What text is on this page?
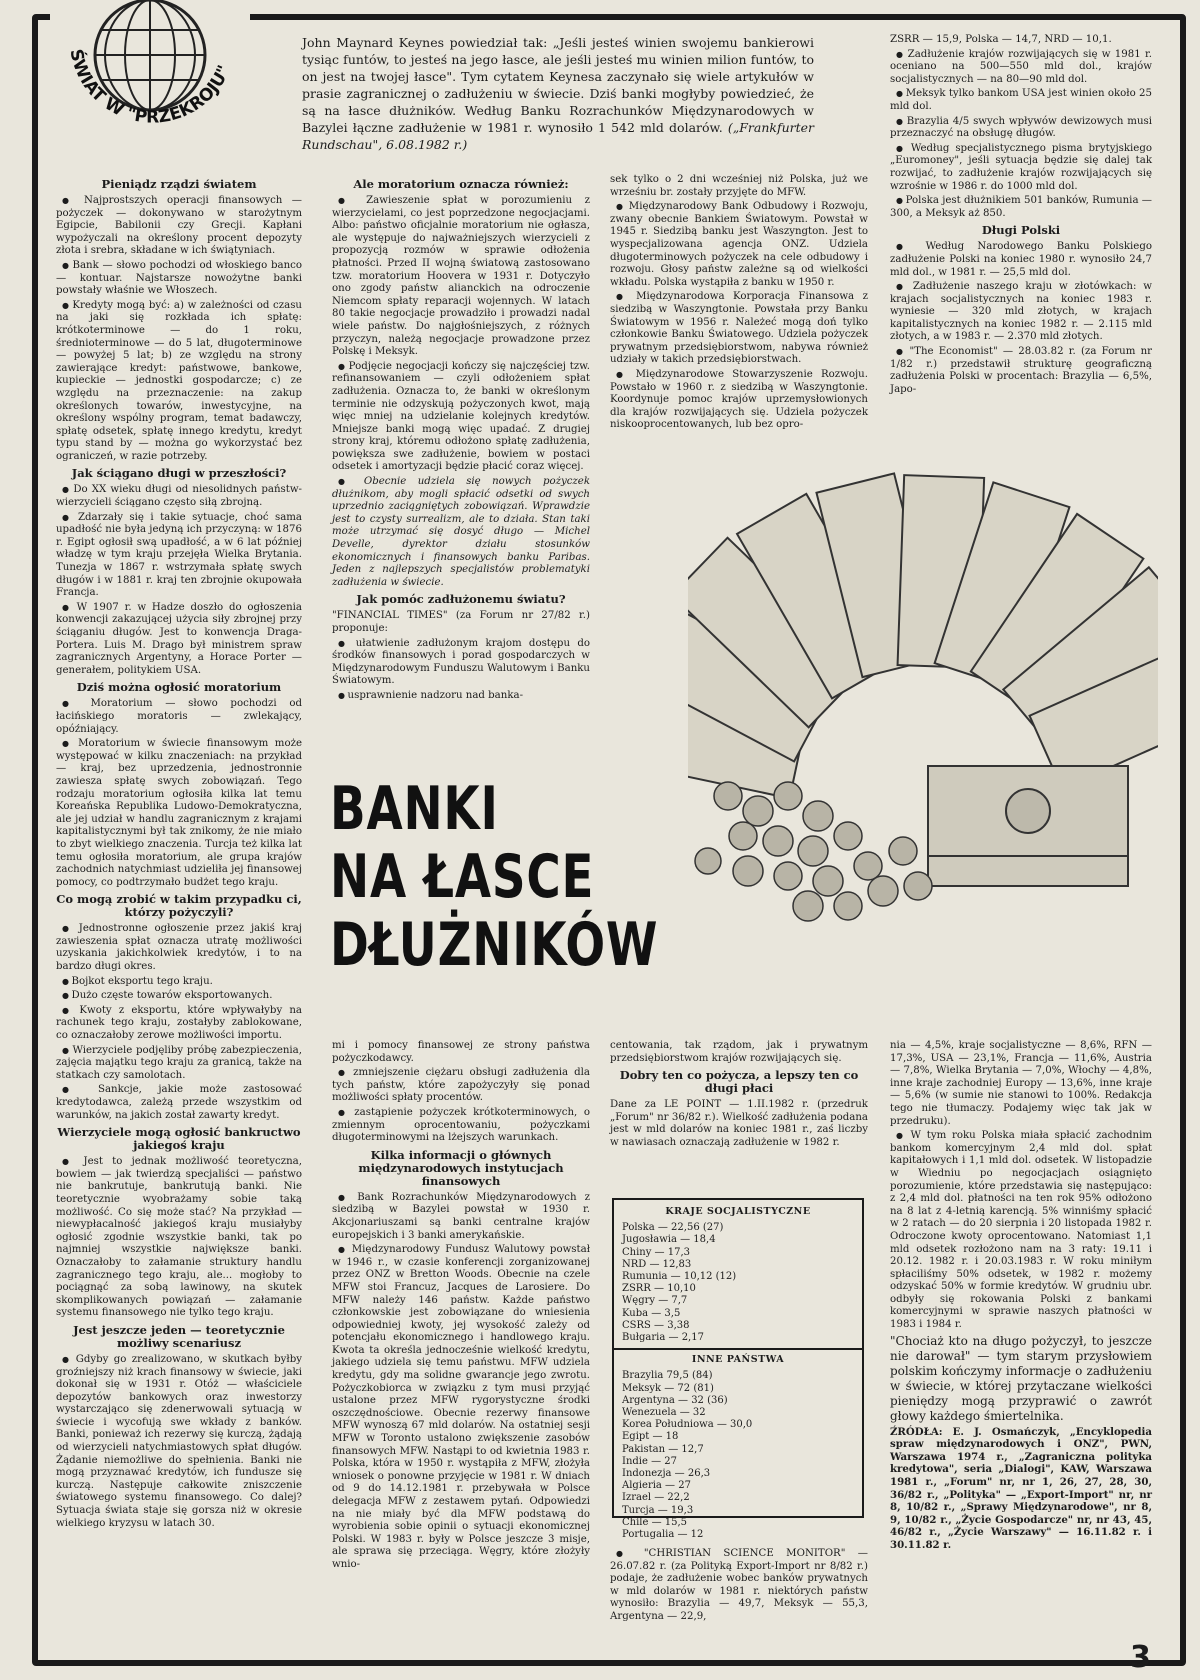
ŚWIAT W "PRZEKROJU"
John Maynard Keynes powiedział tak: „Jeśli jesteś winien swojemu bankierowi tysiąc funtów, to jesteś na jego łasce, ale jeśli jesteś mu winien milion funtów, to on jest na twojej łasce". Tym cytatem Keynesa zaczynało się wiele artykułów w prasie zagranicznej o zadłużeniu w świecie. Dziś banki mogłyby powiedzieć, że są na łasce dłużników. Według Banku Rozrachunków Międzynarodowych w Bazylei łączne zadłużenie w 1981 r. wynosiło 1 542 mld dolarów. („Frankfurter Rundschau", 6.08.1982 r.)
Pieniądz rządzi światem

● Najprostszych operacji finansowych — pożyczek — dokonywano w starożytnym Egipcie, Babilonii czy Grecji. Kapłani wypożyczali na określony procent depozyty złota i srebra, składane w ich świątyniach.

● Bank — słowo pochodzi od włoskiego banco — kontuar. Najstarsze nowożytne banki powstały właśnie we Włoszech.

● Kredyty mogą być: a) w zależności od czasu na jaki się rozkłada ich spłatę: krótkoterminowe — do 1 roku, średnioterminowe — do 5 lat, długoterminowe — powyżej 5 lat; b) ze względu na strony zawierające kredyt: państwowe, bankowe, kupieckie — jednostki gospodarcze; c) ze względu na przeznaczenie: na zakup określonych towarów, inwestycyjne, na określony wspólny program, temat badawczy, spłatę odsetek, spłatę innego kredytu, kredyt typu stand by — można go wykorzystać bez ograniczeń, w razie potrzeby.

Jak ściągano długi w przeszłości?

● Do XX wieku długi od niesolidnych państw-wierzycieli ściągano często siłą zbrojną.

● Zdarzały się i takie sytuacje, choć sama upadłość nie była jedyną ich przyczyną: w 1876 r. Egipt ogłosił swą upadłość, a w 6 lat później władzę w tym kraju przejęła Wielka Brytania. Tunezja w 1867 r. wstrzymała spłatę swych długów i w 1881 r. kraj ten zbrojnie okupowała Francja.

● W 1907 r. w Hadze doszło do ogłoszenia konwencji zakazującej użycia siły zbrojnej przy ściąganiu długów. Jest to konwencja Draga-Portera. Luis M. Drago był ministrem spraw zagranicznych Argentyny, a Horace Porter — generałem, politykiem USA.

Dziś można ogłosić moratorium

● Moratorium — słowo pochodzi od łacińskiego moratoris — zwlekający, opóźniający.

● Moratorium w świecie finansowym może występować w kilku znaczeniach: na przykład — kraj, bez uprzedzenia, jednostronnie zawiesza spłatę swych zobowiązań. Tego rodzaju moratorium ogłosiła kilka lat temu Koreańska Republika Ludowo-Demokratyczna, ale jej udział w handlu zagranicznym z krajami kapitalistycznymi był tak znikomy, że nie miało to zbyt wielkiego znaczenia. Turcja też kilka lat temu ogłosiła moratorium, ale grupa krajów zachodnich natychmiast udzieliła jej finansowej pomocy, co podtrzymało budżet tego kraju.

Co mogą zrobić w takim przypadku ci, którzy pożyczyli?

● Jednostronne ogłoszenie przez jakiś kraj zawieszenia spłat oznacza utratę możliwości uzyskania jakichkolwiek kredytów, i to na bardzo długi okres.

● Bojkot eksportu tego kraju.

● Dużo częste towarów eksportowanych.

● Kwoty z eksportu, które wpływałyby na rachunek tego kraju, zostałyby zablokowane, co oznaczałoby zerowe możliwości importu.

● Wierzyciele podjęliby próbę zabezpieczenia, zajęcia majątku tego kraju za granicą, także na statkach czy samolotach.

● Sankcje, jakie może zastosować kredytodawca, zależą przede wszystkim od warunków, na jakich został zawarty kredyt.

Wierzyciele mogą ogłosić bankructwo jakiegoś kraju

● Jest to jednak możliwość teoretyczna, bowiem — jak twierdzą specjaliści — państwo nie bankrutuje, bankrutują banki. Nie teoretycznie wyobrażamy sobie taką możliwość. Co się może stać? Na przykład — niewypłacalność jakiegoś kraju musiałyby ogłosić zgodnie wszystkie banki, tak po najmniej wszystkie największe banki. Oznaczałoby to załamanie struktury handlu zagranicznego tego kraju, ale... mogłoby to pociągnąć za sobą lawinowy, na skutek skomplikowanych powiązań — załamanie systemu finansowego nie tylko tego kraju.

Jest jeszcze jeden — teoretycznie możliwy scenariusz

● Gdyby go zrealizowano, w skutkach byłby groźniejszy niż krach finansowy w świecie, jaki dokonał się w 1931 r. Otóż — właściciele depozytów bankowych oraz inwestorzy wystarczająco się zdenerwowali sytuacją w świecie i wycofują swe wkłady z banków. Banki, ponieważ ich rezerwy się kurczą, żądają od wierzycieli natychmiastowych spłat długów. Żądanie niemożliwe do spełnienia. Banki nie mogą przyznawać kredytów, ich fundusze się kurczą. Następuje całkowite zniszczenie światowego systemu finansowego. Co dalej? Sytuacja świata staje się gorsza niż w okresie wielkiego kryzysu w latach 30.

Ale moratorium oznacza również:

● Zawieszenie spłat w porozumieniu z wierzycielami, co jest poprzedzone negocjacjami. Albo: państwo oficjalnie moratorium nie ogłasza, ale występuje do najważniejszych wierzycieli z propozycją rozmów w sprawie odłożenia płatności. Przed II wojną światową zastosowano tzw. moratorium Hoovera w 1931 r. Dotyczyło ono zgody państw alianckich na odroczenie Niemcom spłaty reparacji wojennych. W latach 80 takie negocjacje prowadziło i prowadzi nadal wiele państw. Do najgłośniejszych, z różnych przyczyn, należą negocjacje prowadzone przez Polskę i Meksyk.

● Podjęcie negocjacji kończy się najczęściej tzw. refinansowaniem — czyli odłożeniem spłat zadłużenia. Oznacza to, że banki w określonym terminie nie odzyskują pożyczonych kwot, mają więc mniej na udzielanie kolejnych kredytów. Mniejsze banki mogą więc upadać. Z drugiej strony kraj, któremu odłożono spłatę zadłużenia, powiększa swe zadłużenie, bowiem w postaci odsetek i amortyzacji będzie płacić coraz więcej.

● Obecnie udziela się nowych pożyczek dłużnikom, aby mogli spłacić odsetki od swych uprzednio zaciągniętych zobowiązań. Wprawdzie jest to czysty surrealizm, ale to działa. Stan taki może utrzymać się dosyć długo — Michel Develle, dyrektor działu stosunków ekonomicznych i finansowych banku Paribas. Jeden z najlepszych specjalistów problematyki zadłużenia w świecie.

Jak pomóc zadłużonemu światu?

"FINANCIAL TIMES" (za Forum nr 27/82 r.) proponuje:

● ułatwienie zadłużonym krajom dostępu do środków finansowych i porad gospodarczych w Międzynarodowym Funduszu Walutowym i Banku Światowym.

● usprawnienie nadzoru nad banka-

sek tylko o 2 dni wcześniej niż Polska, już we wrześniu br. zostały przyjęte do MFW.

● Międzynarodowy Bank Odbudowy i Rozwoju, zwany obecnie Bankiem Światowym. Powstał w 1945 r. Siedzibą banku jest Waszyngton. Jest to wyspecjalizowana agencja ONZ. Udziela długoterminowych pożyczek na cele odbudowy i rozwoju. Głosy państw zależne są od wielkości wkładu. Polska wystąpiła z banku w 1950 r.

● Międzynarodowa Korporacja Finansowa z siedzibą w Waszyngtonie. Powstała przy Banku Światowym w 1956 r. Należeć mogą doń tylko członkowie Banku Światowego. Udziela pożyczek prywatnym przedsiębiorstwom, nabywa również udziały w takich przedsiębiorstwach.

● Międzynarodowe Stowarzyszenie Rozwoju. Powstało w 1960 r. z siedzibą w Waszyngtonie. Koordynuje pomoc krajów uprzemysłowionych dla krajów rozwijających się. Udziela pożyczek niskooprocentowanych, lub bez opro-

ZSRR — 15,9, Polska — 14,7, NRD — 10,1.

● Zadłużenie krajów rozwijających się w 1981 r. oceniano na 500—550 mld dol., krajów socjalistycznych — na 80—90 mld dol.

● Meksyk tylko bankom USA jest winien około 25 mld dol.

● Brazylia 4/5 swych wpływów dewizowych musi przeznaczyć na obsługę długów.

● Według specjalistycznego pisma brytyjskiego „Euromoney", jeśli sytuacja będzie się dalej tak rozwijać, to zadłużenie krajów rozwijających się wzrośnie w 1986 r. do 1000 mld dol.

● Polska jest dłużnikiem 501 banków, Rumunia — 300, a Meksyk aż 850.

Długi Polski

● Według Narodowego Banku Polskiego zadłużenie Polski na koniec 1980 r. wynosiło 24,7 mld dol., w 1981 r. — 25,5 mld dol.

● Zadłużenie naszego kraju w złotówkach: w krajach socjalistycznych na koniec 1983 r. wyniesie — 320 mld złotych, w krajach kapitalistycznych na koniec 1982 r. — 2.115 mld złotych, a w 1983 r. — 2.370 mld złotych.

● "The Economist" — 28.03.82 r. (za Forum nr 1/82 r.) przedstawił strukturę geograficzną zadłużenia Polski w procentach: Brazylia — 6,5%, Japo-

BANKI
NA ŁASCE
DŁUŻNIKÓW

mi i pomocy finansowej ze strony państwa pożyczkodawcy.

● zmniejszenie ciężaru obsługi zadłużenia dla tych państw, które zapożyczyły się ponad możliwości spłaty procentów.

● zastąpienie pożyczek krótkoterminowych, o zmiennym oprocentowaniu, pożyczkami długoterminowymi na lżejszych warunkach.

Kilka informacji o głównych międzynarodowych instytucjach finansowych

● Bank Rozrachunków Międzynarodowych z siedzibą w Bazylei powstał w 1930 r. Akcjonariuszami są banki centralne krajów europejskich i 3 banki amerykańskie.

● Międzynarodowy Fundusz Walutowy powstał w 1946 r., w czasie konferencji zorganizowanej przez ONZ w Bretton Woods. Obecnie na czele MFW stoi Francuz, Jacques de Larosiere. Do MFW należy 146 państw. Każde państwo członkowskie jest zobowiązane do wniesienia odpowiedniej kwoty, jej wysokość zależy od potencjału ekonomicznego i handlowego kraju. Kwota ta określa jednocześnie wielkość kredytu, jakiego udziela się temu państwu. MFW udziela kredytu, gdy ma solidne gwarancje jego zwrotu. Pożyczkobiorca w związku z tym musi przyjąć ustalone przez MFW rygorystyczne środki oszczędnościowe. Obecnie rezerwy finansowe MFW wynoszą 67 mld dolarów. Na ostatniej sesji MFW w Toronto ustalono zwiększenie zasobów finansowych MFW. Nastąpi to od kwietnia 1983 r. Polska, która w 1950 r. wystąpiła z MFW, złożyła wniosek o ponowne przyjęcie w 1981 r. W dniach od 9 do 14.12.1981 r. przebywała w Polsce delegacja MFW z zestawem pytań. Odpowiedzi na nie miały być dla MFW podstawą do wyrobienia sobie opinii o sytuacji ekonomicznej Polski. W 1983 r. były w Polsce jeszcze 3 misje, ale sprawa się przeciąga. Węgry, które złożyły wnio-

centowania, tak rządom, jak i prywatnym przedsiębiorstwom krajów rozwijających się.

Dobry ten co pożycza, a lepszy ten co długi płaci

Dane za LE POINT — 1.II.1982 r. (przedruk „Forum" nr 36/82 r.). Wielkość zadłużenia podana jest w mld dolarów na koniec 1981 r., zaś liczby w nawiasach oznaczają zadłużenie w 1982 r.

KRAJE SOCJALISTYCZNE
Polska — 22,56 (27)
Jugosławia — 18,4
Chiny — 17,3
NRD — 12,83
Rumunia — 10,12 (12)
ZSRR — 10,10
Węgry — 7,7
Kuba — 3,5
CSRS — 3,38
Bułgaria — 2,17
INNE PAŃSTWA
Brazylia 79,5 (84)
Meksyk — 72 (81)
Argentyna — 32 (36)
Wenezuela — 32
Korea Południowa — 30,0
Egipt — 18
Pakistan — 12,7
Indie — 27
Indonezja — 26,3
Algieria — 27
Izrael — 22,2
Turcja — 19,3
Chile — 15,5
Portugalia — 12

● "CHRISTIAN SCIENCE MONITOR" — 26.07.82 r. (za Polityką Export-Import nr 8/82 r.) podaje, że zadłużenie wobec banków prywatnych w mld dolarów w 1981 r. niektórych państw wynosiło: Brazylia — 49,7, Meksyk — 55,3, Argentyna — 22,9,

nia — 4,5%, kraje socjalistyczne — 8,6%, RFN — 17,3%, USA — 23,1%, Francja — 11,6%, Austria — 7,8%, Wielka Brytania — 7,0%, Włochy — 4,8%, inne kraje zachodniej Europy — 13,6%, inne kraje — 5,6% (w sumie nie stanowi to 100%. Redakcja tego nie tłumaczy. Podajemy więc tak jak w przedruku).

● W tym roku Polska miała spłacić zachodnim bankom komercyjnym 2,4 mld dol. spłat kapitałowych i 1,1 mld dol. odsetek. W listopadzie w Wiedniu po negocjacjach osiągnięto porozumienie, które przedstawia się następująco: z 2,4 mld dol. płatności na ten rok 95% odłożono na 8 lat z 4-letnią karencją. 5% winniśmy spłacić w 2 ratach — do 20 sierpnia i 20 listopada 1982 r. Odroczone kwoty oprocentowano. Natomiast 1,1 mld odsetek rozłożono nam na 3 raty: 19.11 i 20.12. 1982 r. i 20.03.1983 r. W roku miniłym spłaciliśmy 50% odsetek, w 1982 r. możemy odzyskać 50% w formie kredytów. W grudniu ubr. odbyły się rokowania Polski z bankami komercyjnymi w sprawie naszych płatności w 1983 i 1984 r.

"Chociaż kto na długo pożyczył, to jeszcze nie darował" — tym starym przysłowiem polskim kończymy informacje o zadłużeniu w świecie, w której przytaczane wielkości pieniędzy mogą przyprawić o zawrót głowy każdego śmiertelnika.

ŹRÓDŁA: E. J. Osmańczyk, „Encyklopedia spraw międzynarodowych i ONZ", PWN, Warszawa 1974 r., „Zagraniczna polityka kredytowa", seria „Dialogi", KAW, Warszawa 1981 r., „Forum" nr, nr 1, 26, 27, 28, 30, 36/82 r., „Polityka" — „Export-Import" nr, nr 8, 10/82 r., „Sprawy Międzynarodowe", nr 8, 9, 10/82 r., „Życie Gospodarcze" nr, nr 43, 45, 46/82 r., „Życie Warszawy" — 16.11.82 r. i 30.11.82 r.

3
